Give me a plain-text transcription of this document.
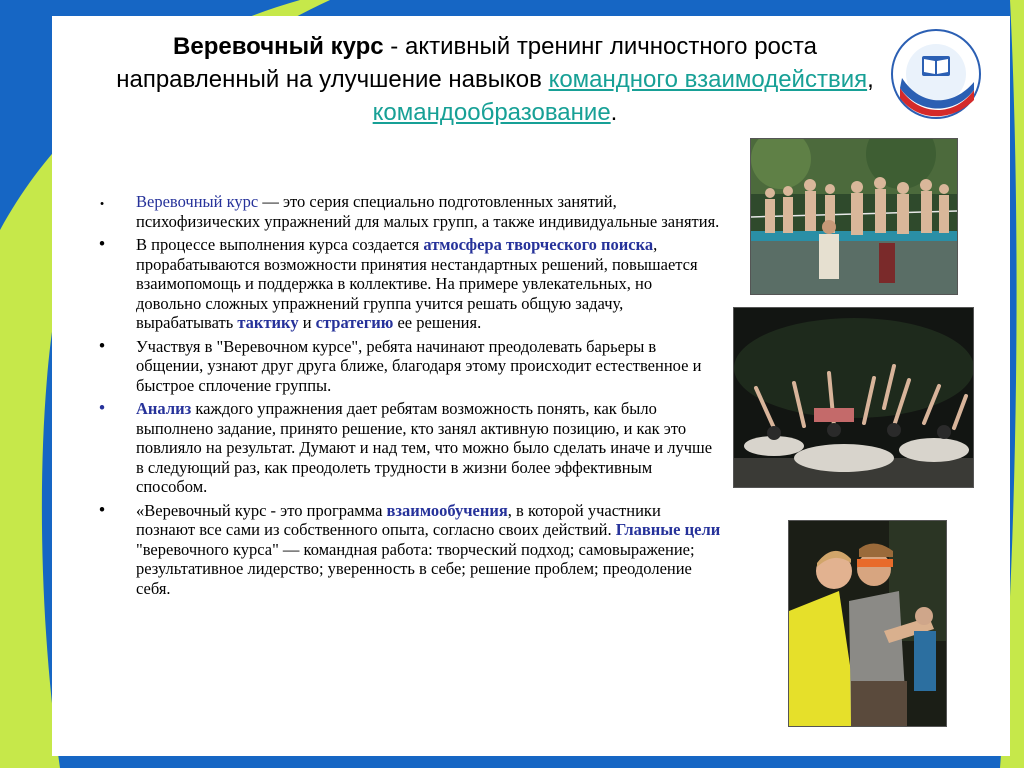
Веревочный курс - активный тренинг личностного роста направленный на улучшение навыков командного взаимодействия, командообразование.
• Веревочный курс — это серия специально подготовленных занятий, психофизических упражнений для малых групп, а также индивидуальные занятия.
• В процессе выполнения курса создается атмосфера творческого поиска, прорабатываются возможности принятия нестандартных решений, повышается взаимопомощь и поддержка в коллективе. На примере увлекательных, но довольно сложных упражнений группа учится решать общую задачу, вырабатывать тактику и стратегию ее решения.
• Участвуя в "Веревочном курсе", ребята начинают преодолевать барьеры в общении, узнают друг друга ближе, благодаря этому происходит естественное и быстрое сплочение группы.
• Анализ каждого упражнения дает ребятам возможность понять, как было выполнено задание, принято решение, кто занял активную позицию, и как это повлияло на результат. Думают и над тем, что можно было сделать иначе и лучше в следующий раз, как преодолеть трудности в жизни более эффективным способом.
• «Веревочный курс - это программа взаимообучения, в которой участники познают все сами из собственного опыта, согласно своих действий. Главные цели "веревочного курса" — командная работа: творческий подход; самовыражение; результативное лидерство; уверенность в себе; решение проблем; преодоление себя.
